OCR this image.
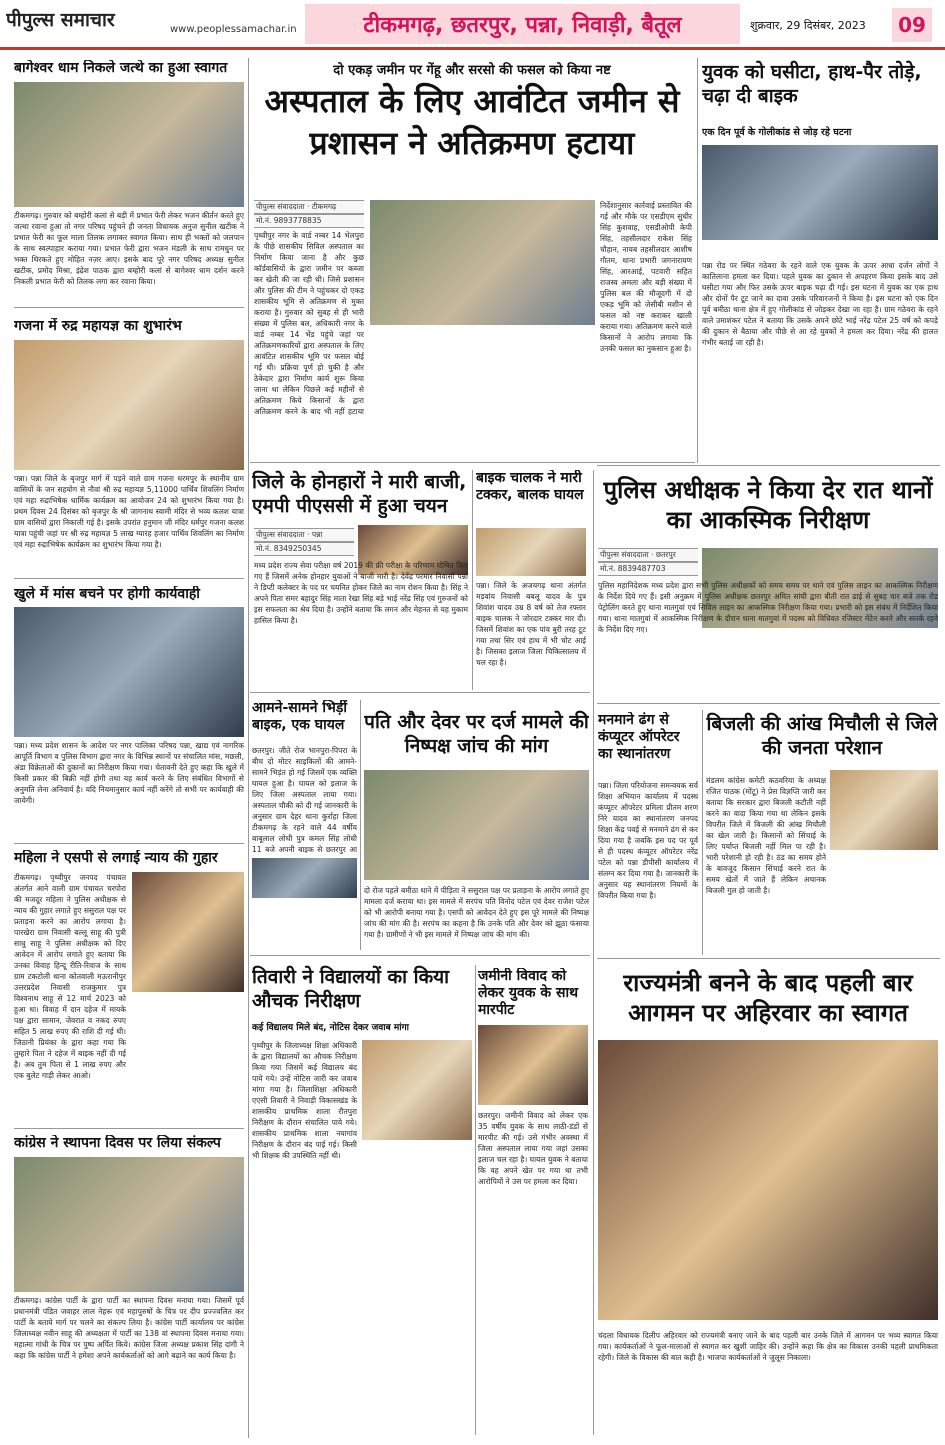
पीपुल्स समाचार	www.peoplessamachar.in	टीकमगढ़, छतरपुर, पन्ना, निवाड़ी, बैतूल	शुक्रवार, 29 दिसंबर, 2023	09
बागेश्वर धाम निकले जत्थे का हुआ स्वागत
टीकमगढ़। गुरुवार को बम्होरी कलां से बड़ी में प्रभात फेरी लेकर भजन कीर्तन करते हुए जत्था रवाना हुआ तो नगर परिषद पहुंचने ही जनता विधायक अनुज सुनील खटीक ने प्रभात फेरी का फूल माला तिलक लगाकर स्वागत किया। साथ ही भक्तों को जलपान के साथ स्वल्पाहार कराया गया। प्रभात फेरी द्वारा भजन मंडली के साथ रामधुन पर भक्त थिरकते हुए मोहित नज़र आए। इसके बाद पूरे नगर परिषद अध्यक्ष सुनील खटीक, प्रमोद मिश्रा, इंद्रेश पाठक द्वारा बम्होरी कलां से बागेश्वर धाम दर्शन करने निकली प्रभात फेरी को तिलक लगा कर रवाना किया।
गजना में रुद्र महायज्ञ का शुभारंभ
पन्ना। पन्ना जिले के बृजपुर मार्ग में पड़ने वाले ग्राम गजना धरमपुर के स्थानीय ग्राम वासियों के जन सहयोग से नौवां श्री रुद्र महायज्ञ 5,11000 पार्थिव शिवलिंग निर्माण एवं महा रुद्राभिषेक धार्मिक कार्यक्रम का आयोजन 24 को शुभारंभ किया गया है। प्रथम दिवस 24 दिसंबर को बृजपुर के श्री जागनाथ स्वामी मंदिर से भव्य कलश यात्रा ग्राम वासियों द्वारा निकाली गई है। इसके उपरांत हनुमान जी मंदिर धर्मपुर गजना कलश यात्रा पहुंची जहां पर श्री रुद्र महायज्ञ 5 लाख ग्यारह हजार पार्थिव शिवलिंग का निर्माण एवं महा रुद्राभिषेक कार्यक्रम का शुभारंभ किया गया है।
खुले में मांस बचने पर होगी कार्यवाही
पन्ना। मध्य प्रदेश शासन के आदेश पर नगर पालिका परिषद पन्ना, खाद्य एवं नागरिक आपूर्ति विभाग व पुलिस विभाग द्वारा नगर के विभिन्न स्थानों पर संचालित मांस, मछली, अंडा विक्रेताओं की दुकानों का निरीक्षण किया गया। चेतावनी देते हुए कहा कि खुले में किसी प्रकार की बिक्री नहीं होगी तथा यह कार्य करने के लिए संबंधित विभागों से अनुमति लेना अनिवार्य है। यदि नियमानुसार कार्य नहीं करेंगे तो सभी पर कार्यवाही की जायेगी।
महिला ने एसपी से लगाई न्याय की गुहार
टीकमगढ़। पृथ्वीपुर जनपद पंचायत अंतर्गत आने वाली ग्राम पंचायत चरपोरा की मजदूर महिला ने पुलिस अधीक्षक से न्याय की गुहार लगाते हुए ससुराल पक्ष पर प्रताड़ना करने का आरोप लगाया है। पारखेरा ग्राम निवासी बल्लू साहू की पुत्री साधु साहू ने पुलिस अधीक्षक को दिए आवेदन में आरोप लगाते हुए बताया कि उनका विवाह हिन्दू रीति-रिवाज के साथ ग्राम टकटोली थाना कोतवाली मऊरानीपुर उत्तरप्रदेश निवासी राजकुमार पुत्र विश्वनाथ साहू से 12 मार्च 2023 को हुआ था। विवाह में दान दहेज में मायके पक्ष द्वारा सामान, जेवरात व नकद रुपए सहित 5 लाख रुपए की राशि दी गई थी। जिठानी प्रियंका के द्वारा कहा गया कि तुम्हारे पिता ने दहेज में बाइक नहीं दी गई है। अब तुम पिता से 1 लाख रुपए और एक बुलेट गाड़ी लेकर आओ।
कांग्रेस ने स्थापना दिवस पर लिया संकल्प
टीकमगढ़। कांग्रेस पार्टी के द्वारा पार्टी का स्थापना दिवस मनाया गया। जिसमें पूर्व प्रधानमंत्री पंडित जवाहर लाल नेहरू एवं महापुरुषों के चित्र पर दीप प्रज्ज्वलित कर पार्टी के बताये मार्ग पर चलने का संकल्प लिया है। कांग्रेस पार्टी कार्यालय पर कांग्रेस जिलाध्यक्ष नवीन साहू की अध्यक्षता में पार्टी का 138 वां स्थापना दिवस मनाया गया। महात्मा गांधी के चित्र पर पुष्प अर्पित किये। कांग्रेस जिला अध्यक्ष प्रकाश सिंह दांगी ने कहा कि कांग्रेस पार्टी ने हमेशा अपने कार्यकर्ताओं को आगे बढ़ाने का कार्य किया है।
दो एकड़ जमीन पर गेंहू और सरसो की फसल को किया नष्ट
अस्पताल के लिए आवंटित जमीन से प्रशासन ने अतिक्रमण हटाया
पीपुल्स संवाददाता · टीकमगढ़
मो.नं. 9893778835
पृथ्वीपुर नगर के वार्ड नम्बर 14 भेलपुरा के पीछे शासकीय सिविल अस्पताल का निर्माण किया जाना है और कुछ कॉर्डवासियों के द्वारा जमीन पर कब्जा कर खेती की जा रही थी। जिसे प्रशासन और पुलिस की टीम ने पहुंचकर दो एकड़ शासकीय भूमि से अतिक्रमण से मुक्त कराया है। गुरुवार को सुबह से ही भारी संख्या में पुलिस बल, अधिकारी नगर के वार्ड नम्बर 14 भेंड पहुंचे जहां पर अतिक्रमणकारियों द्वारा अस्पताल के लिए आवंटित शासकीय भूमि पर फसल बोई गई थी। प्रक्रिया पूर्ण हो चुकी है और ठेकेदार द्वारा निर्माण कार्य शुरू किया जाना था लेकिन पिछले कई महीनों से अतिक्रमण किये किसानों के द्वारा अतिक्रमण करने के बाद भी नहीं हटाया
निर्देशानुसार कार्रवाई प्रस्तावित की गई और मौके पर एसडीएम सुधीर सिंह कुशवाह, एसडीओपी केपी सिंह, तहसीलदार राकेश सिंह चौहान, नायब तहसीलदार आशीष गौतम, थाना प्रभारी जगनारायण सिंह, आरआई, पटवारी सहित राजस्व अमला और बड़ी संख्या में पुलिस बल की मौजूदगी में दो एकड़ भूमि को जेसीबी मशीन से फसल को नष्ट कराकर खाली कराया गया। अतिक्रमण करने वाले किसानों ने आरोप लगाया कि उनकी फसल का नुकसान हुआ है।
जिले के होनहारों ने मारी बाजी, एमपी पीएससी में हुआ चयन
पीपुल्स संवाददाता · पन्ना
मो.नं. 8349250345
मध्य प्रदेश राज्य सेवा परीक्षा वर्ष 2019 की फ्री परीक्षा के परिणाम घोषित किए गए हैं जिसमें अनेक होनहार युवाओं ने बाजी मारी है। देवेंद्र परमार निवासी पन्ना ने डिप्टी कलेक्टर के पद पर चयनित होकर जिले का नाम रोशन किया है। सिंह ने अपने पिता समर बहादुर सिंह माता रेखा सिंह बड़े भाई नरेंद्र सिंह एवं गुरुजनों को इस सफलता का श्रेय दिया है। उन्होंने बताया कि लगन और मेहनत से यह मुकाम हासिल किया है।
बाइक चालक ने मारी टक्कर, बालक घायल
पन्ना। जिले के अजयगढ़ थाना अंतर्गत मड़वांय निवासी बबलू यादव के पुत्र शिवांश यादव उम्र 8 वर्ष को तेज रफ्तार बाइक चालक ने जोरदार टक्कर मार दी। जिसमें शिवांश का एक पांव बुरी तरह टूट गया तथा सिर एवं हाथ में भी चोट आई है। जिसका इलाज जिला चिकित्सालय में चल रहा है।
आमने-सामने भिड़ीं बाइक, एक घायल
छतरपुर। जीते रोज भानपुरा-पिपरा के बीच दो मोटर साइकिलों की आमने-सामने भिड़ंत हो गई जिसमें एक व्यक्ति घायल हुआ है। घायल को इलाज के लिए जिला अस्पताल लाया गया। अस्पताल चौकी को दी गई जानकारी के अनुसार ग्राम देहर थाना कुर्राहा जिला टीकमगढ़ के रहने वाले 44 वर्षीय बाबूलाल लोधी पुत्र कमल सिंह लोधी 11 बजे अपनी बाइक से छतरपुर आ
पति और देवर पर दर्ज मामले की निष्पक्ष जांच की मांग
दो रोज पहले बमीठा थाने में पीड़िता ने ससुराल पक्ष पर प्रताड़ना के आरोप लगाते हुए मामला दर्ज कराया था। इस मामले में सरपंच पति विनोद पटेल एवं देवर राजेश पटेल को भी आरोपी बनाया गया है। एसपी को आवेदन देते हुए इस पूरे मामले की निष्पक्ष जांच की मांग की है। सरपंच का कहना है कि उनके पति और देवर को झूठा फंसाया गया है। ग्रामीणों ने भी इस मामले में निष्पक्ष जांच की मांग की।
तिवारी ने विद्यालयों का किया औचक निरीक्षण
कई विद्यालय मिले बंद, नोटिस देकर जवाब मांगा
पृथ्वीपुर के जिलाध्यक्ष शिक्षा अधिकारी के द्वारा विद्यालयों का औचक निरीक्षण किया गया जिसमें कई विद्यालय बंद पाये गये। उन्हें नोटिस जारी कर जवाब मांगा गया है। जिलाशिक्षा अधिकारी एएसी तिवारी ने निवाड़ी विकासखंड के शासकीय प्राथमिक शाला रौतपुरा निरीक्षण के दौरान संचालित पाये गये। शासकीय प्राथमिक शाला नयागांव निरीक्षण के दौरान बंद पाई गई। किसी भी शिक्षक की उपस्थिति नहीं थी।
जमीनी विवाद को लेकर युवक के साथ मारपीट
छतरपुर। जमीनी विवाद को लेकर एक 35 वर्षीय युवक के साथ लाठी-डंडों से मारपीट की गई। उसे गंभीर अवस्था में जिला अस्पताल लाया गया जहां उसका इलाज चल रहा है। घायल युवक ने बताया कि वह अपने खेत पर गया था तभी आरोपियों ने उस पर हमला कर दिया।
युवक को घसीटा, हाथ-पैर तोड़े, चढ़ा दी बाइक
एक दिन पूर्व के गोलीकांड से जोड़ रहे घटना
पन्ना रोड पर स्थित गठेवरा के रहने वाले एक युवक के ऊपर आधा दर्जन लोगों ने कातिलाना हमला कर दिया। पहले युवक का दुकान से अपहरण किया इसके बाद उसे घसीटा गया और फिर उसके ऊपर बाइक चढ़ा दी गई। इस घटना में युवक का एक हाथ और दोनों पैर टूट जाने का दावा उसके परिवारजनों ने किया है। इस घटना को एक दिन पूर्व बमीठा थाना क्षेत्र में हुए गोलीकांड से जोड़कर देखा जा रहा है। ग्राम गठेवरा के रहने वाले उमाशंकर पटेल ने बताया कि उसके अपने छोटे भाई नरेंद्र पटेल 25 वर्ष को कपड़े की दुकान से बैठाया और पीछे से आ रहे युवकों ने हमला कर दिया। नरेंद्र की हालत गंभीर बताई जा रही है।
पुलिस अधीक्षक ने किया देर रात थानों का आकस्मिक निरीक्षण
पीपुल्स संवाददाता · छतरपुर
मो.नं. 8839487703
पुलिस महानिदेशक मध्य प्रदेश द्वारा सभी पुलिस अधीक्षकों को समय समय पर थाने एवं पुलिस लाइन का आकस्मिक निरीक्षण के निर्देश दिये गए हैं। इसी अनुक्रम में पुलिस अधीक्षक छतरपुर अमित सांघी द्वारा बीती रात ढाई से सुबह चार बजे तक रोड पेट्रोलिंग करते हुए थाना मातगुवां एवं सिविल लाइन का आकस्मिक निरीक्षण किया गया। प्रभारी को इस संबंध में निर्देशित किया गया। थाना मातगुवां में आकस्मिक निरीक्षण के दौरान थाना मातगुवां में पदस्थ को विधिवत रजिस्टर मेंटेन करने और सतर्क रहने के निर्देश दिए गए।
मनमाने ढंग से कंप्यूटर ऑपरेटर का स्थानांतरण
पन्ना। जिला परियोजना समन्वयक सर्व शिक्षा अभियान कार्यालय में पदस्थ कंप्यूटर ऑपरेटर प्रमिला प्रीतम शरण निरे यादव का स्थानांतरण जनपद शिक्षा केंद्र पवई से मनमाने ढंग से कर दिया गया है जबकि इस पद पर पूर्व से ही पदस्थ कंप्यूटर ऑपरेटर नरेंद्र पटेल को पन्ना डीपीसी कार्यालय में संलग्न कर दिया गया है। जानकारी के अनुसार यह स्थानांतरण नियमों के विपरीत किया गया है।
बिजली की आंख मिचौली से जिले की जनता परेशान
मंडलम कांग्रेस कमेटी कठवरिया के अध्यक्ष रजित पाठक (मोंटू) ने प्रेस विज्ञप्ति जारी कर बताया कि सरकार द्वारा बिजली कटौती नहीं करने का वादा किया गया था लेकिन इसके विपरीत जिले में बिजली की आंख मिचौली का खेल जारी है। किसानों को सिंचाई के लिए पर्याप्त बिजली नहीं मिल पा रही है। भारी परेशानी हो रही है। ठंड का समय होने के बावजूद किसान सिंचाई करने रात के समय खेतों में जाते हैं लेकिन अचानक बिजली गुल हो जाती है।
राज्यमंत्री बनने के बाद पहली बार आगमन पर अहिरवार का स्वागत
चंदला विधायक दिलीप अहिरवार को राज्यमंत्री बनाए जाने के बाद पहली बार उनके जिले में आगमन पर भव्य स्वागत किया गया। कार्यकर्ताओं ने फूल-मालाओं से स्वागत कर खुशी जाहिर की। उन्होंने कहा कि क्षेत्र का विकास उनकी पहली प्राथमिकता रहेगी। जिले के विकास की बात कही है। भाजपा कार्यकर्ताओं ने जुलूस निकाला।
